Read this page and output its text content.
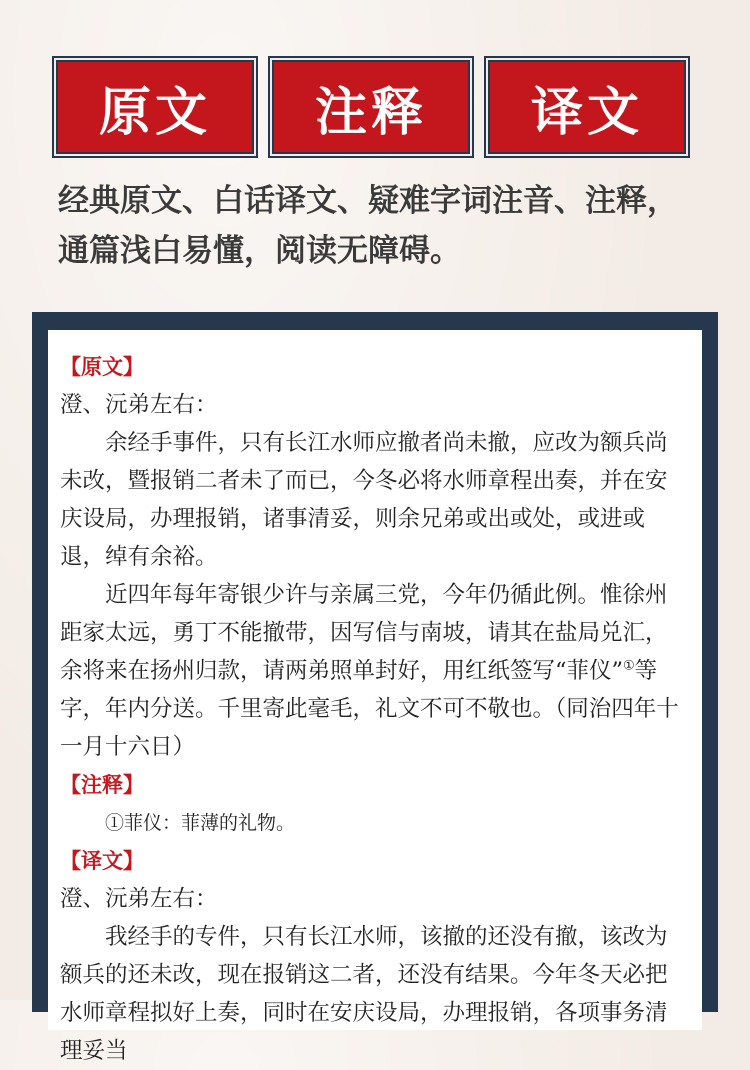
原文	注释	译文
经典原文、白话译文、疑难字词注音、注释，通篇浅白易懂，阅读无障碍。
【原文】

澄、沅弟左右：

余经手事件，只有长江水师应撤者尚未撤，应改为额兵尚未改，暨报销二者未了而已，今冬必将水师章程出奏，并在安庆设局，办理报销，诸事清妥，则余兄弟或出或处，或进或退，绰有余裕。

近四年每年寄银少许与亲属三党，今年仍循此例。惟徐州距家太远，勇丁不能撤带，因写信与南坡，请其在盐局兑汇，余将来在扬州归款，请两弟照单封好，用红纸签写“菲仪”①等字，年内分送。千里寄此毫毛，礼文不可不敬也。（同治四年十一月十六日）

【注释】

①菲仪：菲薄的礼物。

【译文】

澄、沅弟左右：

我经手的专件，只有长江水师，该撤的还没有撤，该改为额兵的还未改，现在报销这二者，还没有结果。今年冬天必把水师章程拟好上奏，同时在安庆设局，办理报销，各项事务清理妥当
